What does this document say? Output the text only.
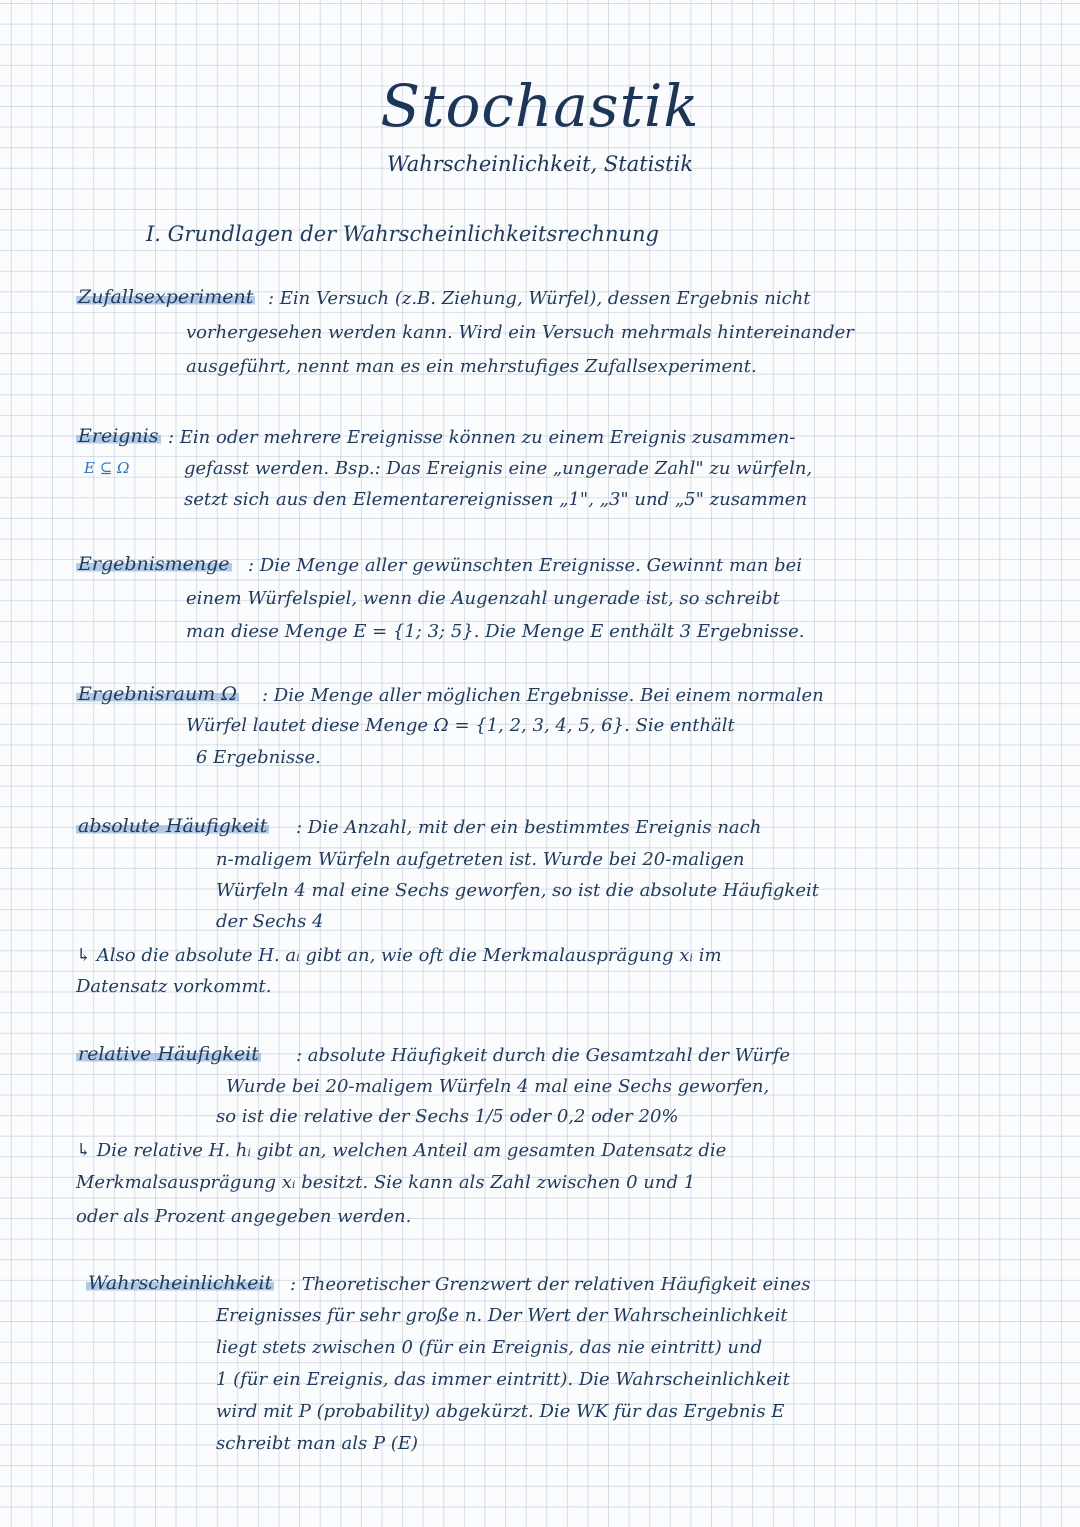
Stochastik
Wahrscheinlichkeit, Statistik
I. Grundlagen der Wahrscheinlichkeitsrechnung
Zufallsexperiment : Ein Versuch (z.B. Ziehung, Würfel), dessen Ergebnis nicht
vorhergesehen werden kann. Wird ein Versuch mehrmals hintereinander
ausgeführt, nennt man es ein mehrstufiges Zufallsexperiment.
Ereignis
E ⊆ Ω
: Ein oder mehrere Ereignisse können zu einem Ereignis zusammen-
gefasst werden. Bsp.: Das Ereignis eine „ungerade Zahl" zu würfeln,
setzt sich aus den Elementarereignissen „1", „3" und „5" zusammen
Ergebnismenge : Die Menge aller gewünschten Ereignisse. Gewinnt man bei
einem Würfelspiel, wenn die Augenzahl ungerade ist, so schreibt
man diese Menge E = {1; 3; 5}. Die Menge E enthält 3 Ergebnisse.
Ergebnisraum Ω : Die Menge aller möglichen Ergebnisse. Bei einem normalen
Würfel lautet diese Menge Ω = {1, 2, 3, 4, 5, 6}. Sie enthält
6 Ergebnisse.
absolute Häufigkeit : Die Anzahl, mit der ein bestimmtes Ereignis nach
n-maligem Würfeln aufgetreten ist. Wurde bei 20-maligen
Würfeln 4 mal eine Sechs geworfen, so ist die absolute Häufigkeit
der Sechs 4
↳ Also die absolute H. aᵢ gibt an, wie oft die Merkmalausprägung xᵢ im
Datensatz vorkommt.
relative Häufigkeit : absolute Häufigkeit durch die Gesamtzahl der Würfe
Wurde bei 20-maligem Würfeln 4 mal eine Sechs geworfen,
so ist die relative der Sechs 1/5 oder 0,2 oder 20%
↳ Die relative H. hᵢ gibt an, welchen Anteil am gesamten Datensatz die
Merkmalsausprägung xᵢ besitzt. Sie kann als Zahl zwischen 0 und 1
oder als Prozent angegeben werden.
Wahrscheinlichkeit : Theoretischer Grenzwert der relativen Häufigkeit eines
Ereignisses für sehr große n. Der Wert der Wahrscheinlichkeit
liegt stets zwischen 0 (für ein Ereignis, das nie eintritt) und
1 (für ein Ereignis, das immer eintritt). Die Wahrscheinlichkeit
wird mit P (probability) abgekürzt. Die WK für das Ergebnis E
schreibt man als P (E)
